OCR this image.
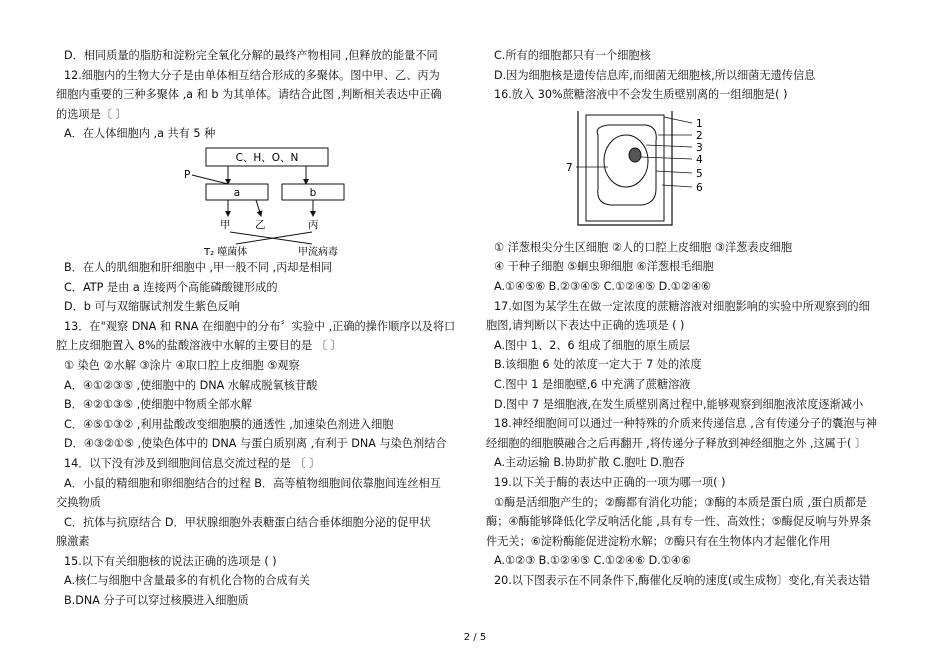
D．相同质量的脂肪和淀粉完全氧化分解的最终产物相同 ,但释放的能量不同
12.细胞内的生物大分子是由单体相互结合形成的多聚体。图中甲、乙、丙为
细胞内重要的三种多聚体 ,a 和 b 为其单体。请结合此图 ,判断相关表达中正确
的选项是〔 〕
A．在人体细胞内 ,a 共有 5 种
C、H、O、N
P
a	b
甲 乙	丙
T₂ 噬菌体	甲流病毒
B．在人的肌细胞和肝细胞中 ,甲一般不同 ,丙却是相同
C．ATP 是由 a 连接两个高能磷酸键形成的
D．b 可与双缩脲试剂发生紫色反响
13．在"观察 DNA 和 RNA 在细胞中的分布〞实验中 ,正确的操作顺序以及将口
腔上皮细胞置入 8%的盐酸溶液中水解的主要目的是 〔 〕
① 染色 ②水解 ③涂片 ④取口腔上皮细胞 ⑤观察
A．④①②③⑤ ,使细胞中的 DNA 水解成脱氧核苷酸
B．④②①③⑤ ,使细胞中物质全部水解
C．④⑤①③② ,利用盐酸改变细胞膜的通透性 ,加速染色剂进入细胞
D．④③②①⑤ ,使染色体中的 DNA 与蛋白质别离 ,有利于 DNA 与染色剂结合
14．以下没有涉及到细胞间信息交流过程的是 〔 〕
A．小鼠的精细胞和卵细胞结合的过程 B．高等植物细胞间依靠胞间连丝相互
交换物质
C．抗体与抗原结合 D．甲状腺细胞外表糖蛋白结合垂体细胞分泌的促甲状
腺激素
15.以下有关细胞核的说法正确的选项是 ( )
A.核仁与细胞中含量最多的有机化合物的合成有关
B.DNA 分子可以穿过核膜进入细胞质
C.所有的细胞都只有一个细胞核
D.因为细胞核是遗传信息库,而细菌无细胞核,所以细菌无遗传信息
16.放入 30%蔗糖溶液中不会发生质壁别离的一组细胞是( )
1
2
3
4
5
6
7
① 洋葱根尖分生区细胞 ②人的口腔上皮细胞 ③洋葱表皮细胞
④ 干种子细胞 ⑤蛔虫卵细胞 ⑥洋葱根毛细胞
A.①④⑤⑥ B.②③④⑤ C.①②④⑤ D.①②④⑥
17.如图为某学生在做一定浓度的蔗糖溶液对细胞影响的实验中所观察到的细
胞图,请判断以下表达中正确的选项是 ( )
A.图中 1、2、6 组成了细胞的原生质层
B.该细胞 6 处的浓度一定大于 7 处的浓度
C.图中 1 是细胞壁,6 中充满了蔗糖溶液
D.图中 7 是细胞液,在发生质壁别离过程中,能够观察到细胞液浓度逐渐减小
18.神经细胞间可以通过一种特殊的介质来传递信息 ,含有传递分子的囊泡与神
经细胞的细胞膜融合之后再翻开 ,将传递分子释放到神经细胞之外 ,这属于( 〕
A.主动运输 B.协助扩散 C.胞吐 D.胞吞
19.以下关于酶的表达中正确的一项为哪一项( )
①酶是活细胞产生的；②酶都有消化功能；③酶的本质是蛋白质 ,蛋白质都是
酶；④酶能够降低化学反响活化能 ,具有专一性、高效性；⑤酶促反响与外界条
件无关；⑥淀粉酶能促进淀粉水解；⑦酶只有在生物体内才起催化作用
A.①②③ B.①②④⑤ C.①②④⑥ D.①④⑥
20.以下图表示在不同条件下,酶催化反响的速度(或生成物〕变化,有关表达错
2 / 5
